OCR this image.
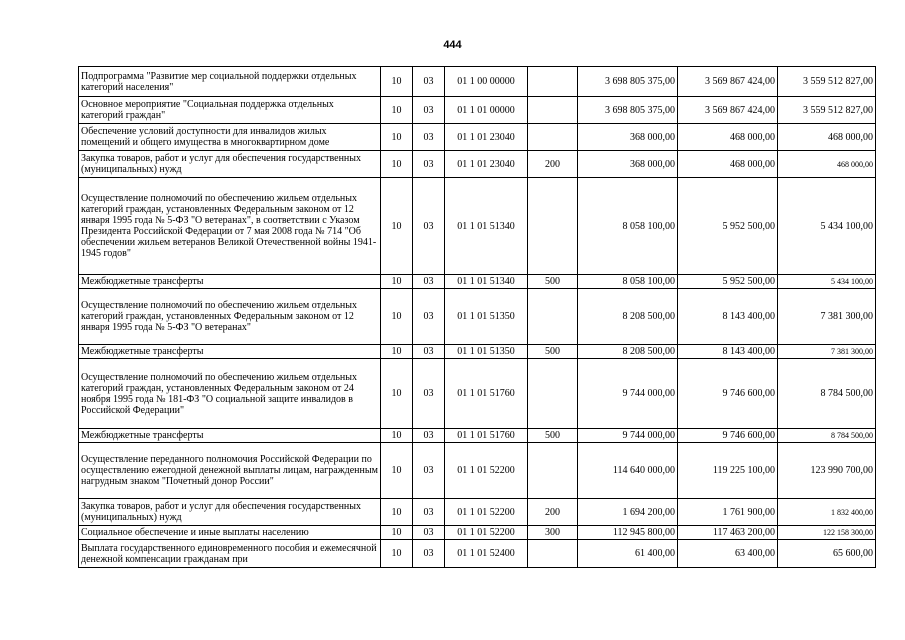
444
Подпрограмма "Развитие мер социальной поддержки отдельных категорий населения"	10	03	01 1 00 00000		3 698 805 375,00	3 569 867 424,00	3 559 512 827,00
Основное мероприятие "Социальная поддержка отдельных категорий граждан"	10	03	01 1 01 00000		3 698 805 375,00	3 569 867 424,00	3 559 512 827,00
Обеспечение условий доступности для инвалидов жилых помещений и общего имущества в многоквартирном доме	10	03	01 1 01 23040		368 000,00	468 000,00	468 000,00
Закупка товаров, работ и услуг для обеспечения государственных (муниципальных) нужд	10	03	01 1 01 23040	200	368 000,00	468 000,00	468 000,00
Осуществление полномочий по обеспечению жильем отдельных категорий граждан, установленных Федеральным законом от 12 января 1995 года № 5-ФЗ "О ветеранах", в соответствии с Указом Президента Российской Федерации от 7 мая 2008 года № 714 "Об обеспечении жильем ветеранов Великой Отечественной войны 1941-1945 годов"	10	03	01 1 01 51340		8 058 100,00	5 952 500,00	5 434 100,00
Межбюджетные трансферты	10	03	01 1 01 51340	500	8 058 100,00	5 952 500,00	5 434 100,00
Осуществление полномочий по обеспечению жильем отдельных категорий граждан, установленных Федеральным законом от 12 января 1995 года № 5-ФЗ "О ветеранах"	10	03	01 1 01 51350		8 208 500,00	8 143 400,00	7 381 300,00
Межбюджетные трансферты	10	03	01 1 01 51350	500	8 208 500,00	8 143 400,00	7 381 300,00
Осуществление полномочий по обеспечению жильем отдельных категорий граждан, установленных Федеральным законом от 24 ноября 1995 года № 181-ФЗ "О социальной защите инвалидов в Российской Федерации"	10	03	01 1 01 51760		9 744 000,00	9 746 600,00	8 784 500,00
Межбюджетные трансферты	10	03	01 1 01 51760	500	9 744 000,00	9 746 600,00	8 784 500,00
Осуществление переданного полномочия Российской Федерации по осуществлению ежегодной денежной выплаты лицам, награжденным нагрудным знаком "Почетный донор России"	10	03	01 1 01 52200		114 640 000,00	119 225 100,00	123 990 700,00
Закупка товаров, работ и услуг для обеспечения государственных (муниципальных) нужд	10	03	01 1 01 52200	200	1 694 200,00	1 761 900,00	1 832 400,00
Социальное обеспечение и иные выплаты населению	10	03	01 1 01 52200	300	112 945 800,00	117 463 200,00	122 158 300,00
Выплата государственного единовременного пособия и ежемесячной денежной компенсации гражданам при	10	03	01 1 01 52400		61 400,00	63 400,00	65 600,00
